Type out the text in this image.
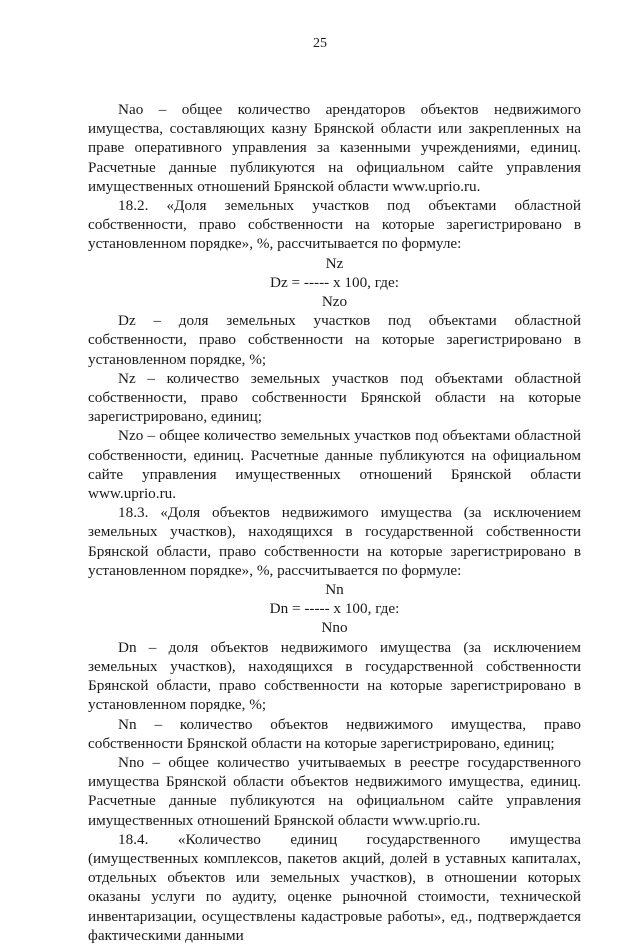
25

Nao – общее количество арендаторов объектов недвижимого имущества, составляющих казну Брянской области или закрепленных на праве оперативного управления за казенными учреждениями, единиц. Расчетные данные публикуются на официальном сайте управления имущественных отношений Брянской области www.uprio.ru.

18.2. «Доля земельных участков под объектами областной собственности, право собственности на которые зарегистрировано в установленном порядке», %, рассчитывается по формуле:

Nz

Dz = ----- х 100, где:

Nzo

Dz – доля земельных участков под объектами областной собственности, право собственности на которые зарегистрировано в установленном порядке, %;

Nz – количество земельных участков под объектами областной собственности, право собственности Брянской области на которые зарегистрировано, единиц;

Nzo – общее количество земельных участков под объектами областной собственности, единиц. Расчетные данные публикуются на официальном сайте управления имущественных отношений Брянской области www.uprio.ru.

18.3. «Доля объектов недвижимого имущества (за исключением земельных участков), находящихся в государственной собственности Брянской области, право собственности на которые зарегистрировано в установленном порядке», %, рассчитывается по формуле:

Nn

Dn = ----- х 100, где:

Nno

Dn – доля объектов недвижимого имущества (за исключением земельных участков), находящихся в государственной собственности Брянской области, право собственности на которые зарегистрировано в установленном порядке, %;

Nn – количество объектов недвижимого имущества, право собственности Брянской области на которые зарегистрировано, единиц;

Nno – общее количество учитываемых в реестре государственного имущества Брянской области объектов недвижимого имущества, единиц. Расчетные данные публикуются на официальном сайте управления имущественных отношений Брянской области www.uprio.ru.

18.4. «Количество единиц государственного имущества (имущественных комплексов, пакетов акций, долей в уставных капиталах, отдельных объектов или земельных участков), в отношении которых оказаны услуги по аудиту, оценке рыночной стоимости, технической инвентаризации, осуществлены кадастровые работы», ед., подтверждается фактическими данными
